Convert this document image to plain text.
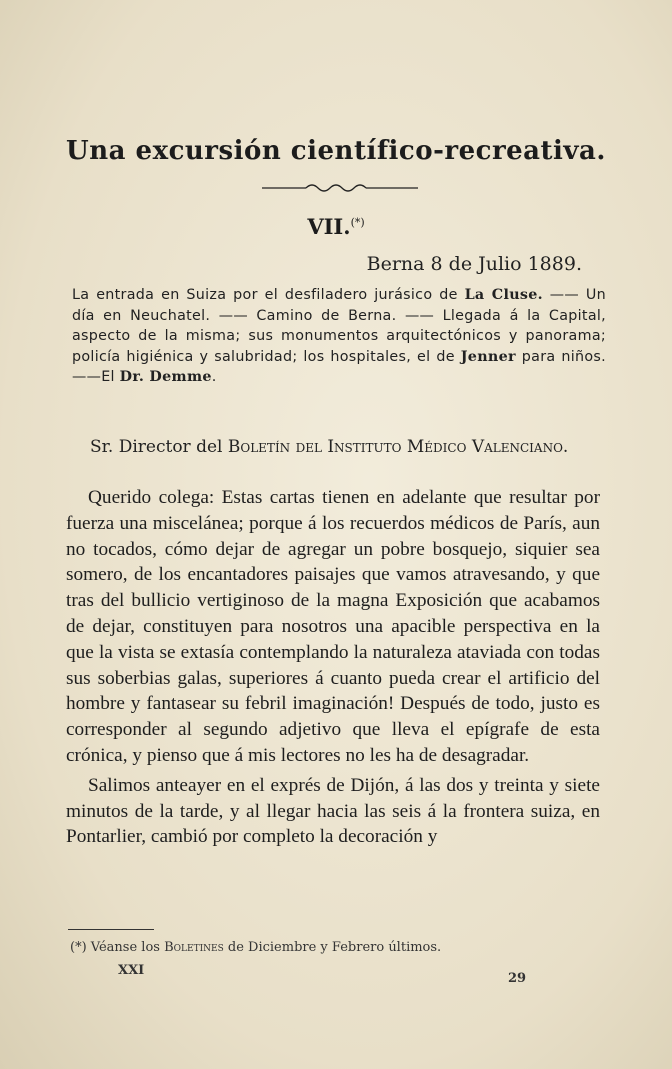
Una excursión científico-recreativa.
VII.(*)
Berna 8 de Julio 1889.
La entrada en Suiza por el desfiladero jurásico de La Cluse. —— Un día en Neuchatel. —— Camino de Berna. —— Llegada á la Capital, aspecto de la misma; sus monumentos arquitectónicos y panorama; policía higiénica y salubridad; los hospitales, el de Jenner para niños.——El Dr. Demme.
Sr. Director del Boletín del Instituto Médico Valenciano.

Querido colega: Estas cartas tienen en adelante que resultar por fuerza una miscelánea; porque á los recuerdos médicos de París, aun no tocados, cómo dejar de agregar un pobre bosquejo, siquier sea somero, de los encantadores paisajes que vamos atravesando, y que tras del bullicio vertiginoso de la magna Exposición que acabamos de dejar, constituyen para nosotros una apacible perspectiva en la que la vista se extasía contemplando la naturaleza ataviada con todas sus soberbias galas, superiores á cuanto pueda crear el artificio del hombre y fantasear su febril imaginación! Después de todo, justo es corresponder al segundo adjetivo que lleva el epígrafe de esta crónica, y pienso que á mis lectores no les ha de desagradar.

Salimos anteayer en el exprés de Dijón, á las dos y treinta y siete minutos de la tarde, y al llegar hacia las seis á la frontera suiza, en Pontarlier, cambió por completo la decoración y

(*) Véanse los Boletines de Diciembre y Febrero últimos.
XXI
29
